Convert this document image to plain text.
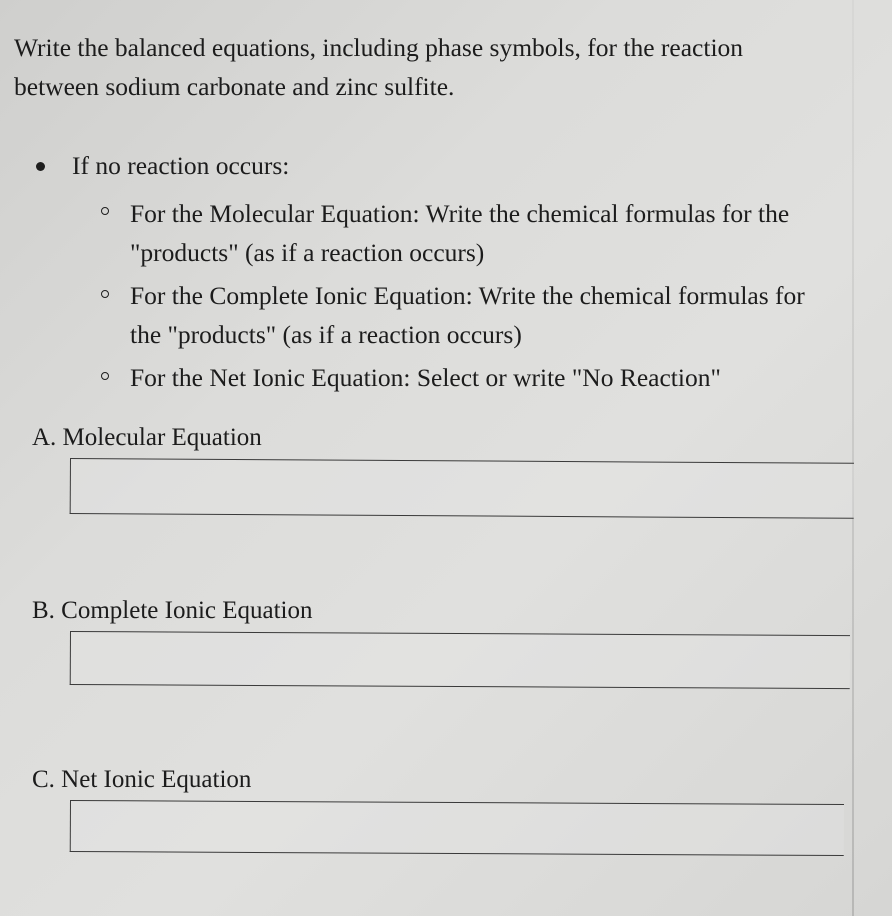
Write the balanced equations, including phase symbols, for the reaction
between sodium carbonate and zinc sulfite.
If no reaction occurs:
For the Molecular Equation: Write the chemical formulas for the
"products" (as if a reaction occurs)
For the Complete Ionic Equation: Write the chemical formulas for
the "products" (as if a reaction occurs)
For the Net Ionic Equation: Select or write "No Reaction"
A. Molecular Equation
B. Complete Ionic Equation
C. Net Ionic Equation
